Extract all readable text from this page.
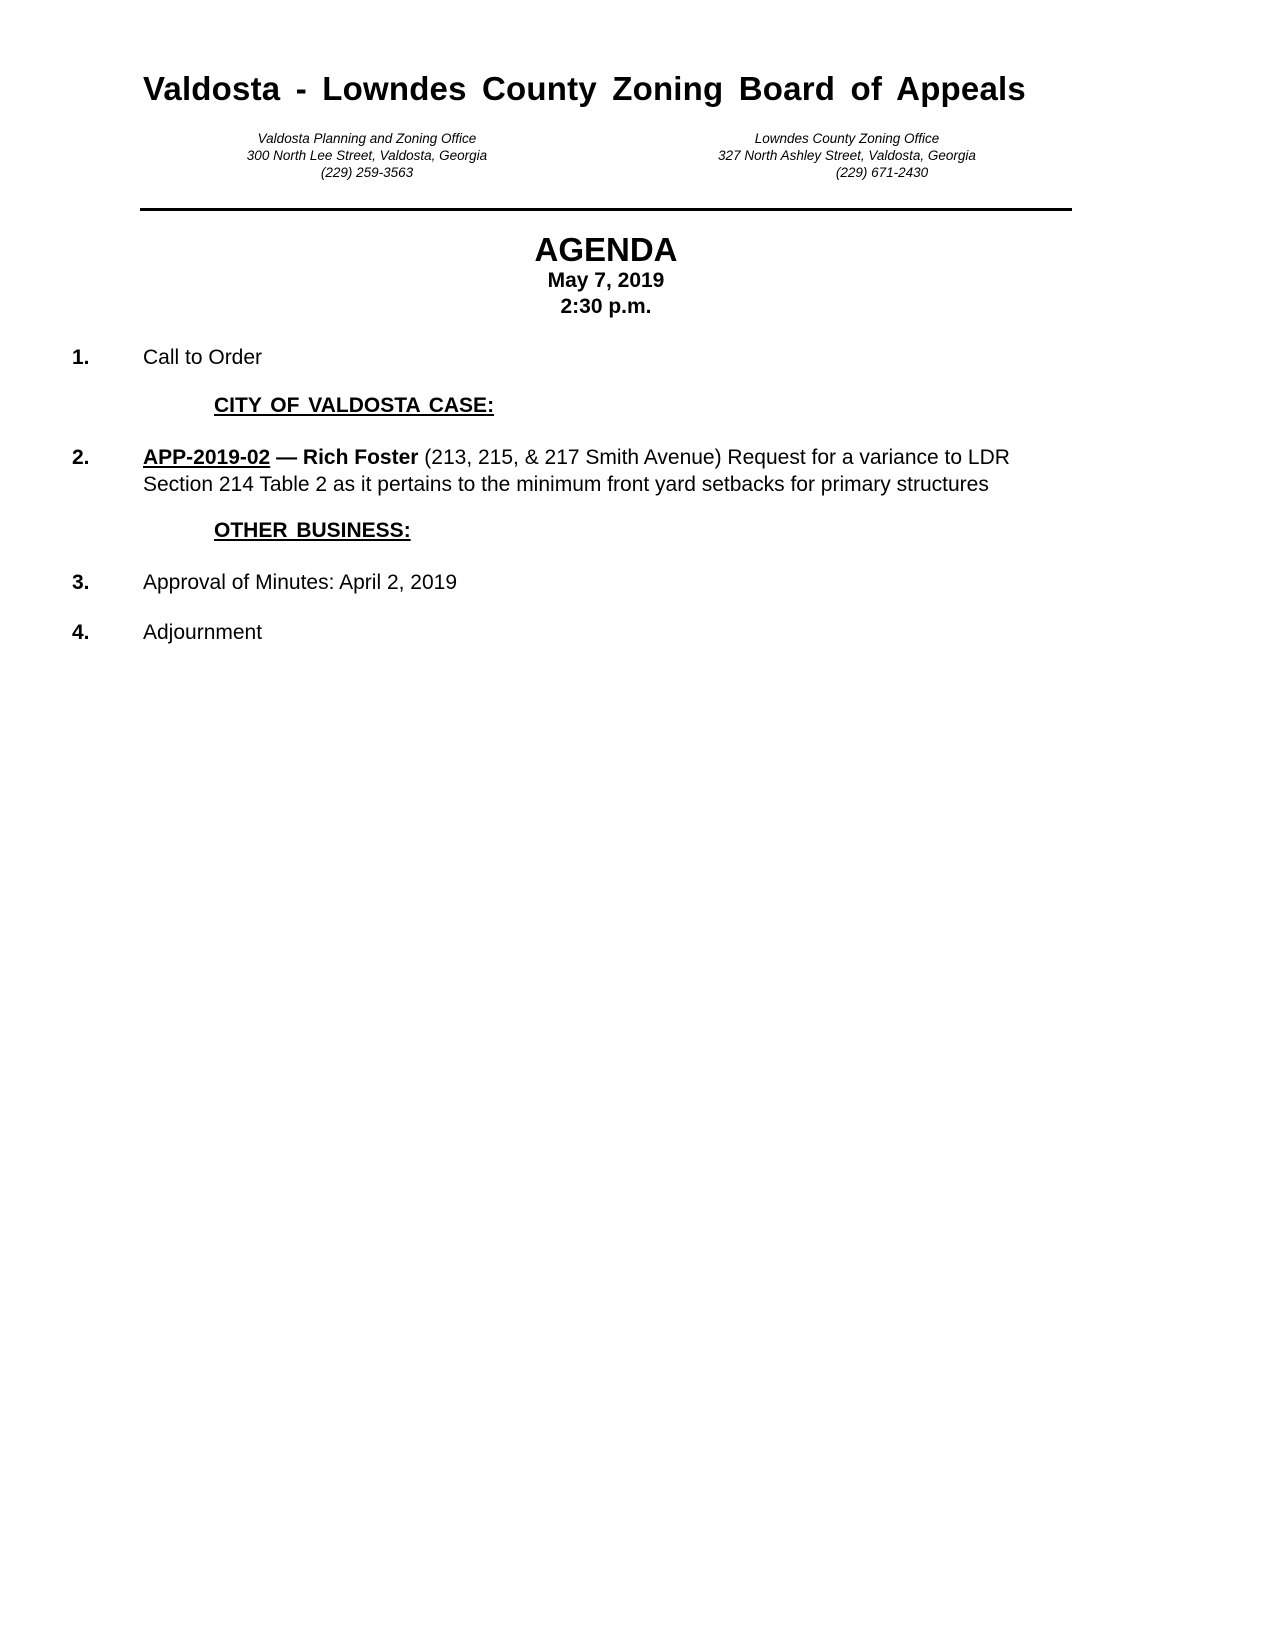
Valdosta - Lowndes County Zoning Board of Appeals
Valdosta Planning and Zoning Office
300 North Lee Street, Valdosta, Georgia
(229) 259-3563
Lowndes County Zoning Office
327 North Ashley Street, Valdosta, Georgia
(229) 671-2430
AGENDA
May 7, 2019
2:30 p.m.
1.	Call to Order
CITY OF VALDOSTA CASE:
2.	APP-2019-02 — Rich Foster (213, 215, & 217 Smith Avenue) Request for a variance to LDR
Section 214 Table 2 as it pertains to the minimum front yard setbacks for primary structures
OTHER BUSINESS:
3.	Approval of Minutes: April 2, 2019
4.	Adjournment
